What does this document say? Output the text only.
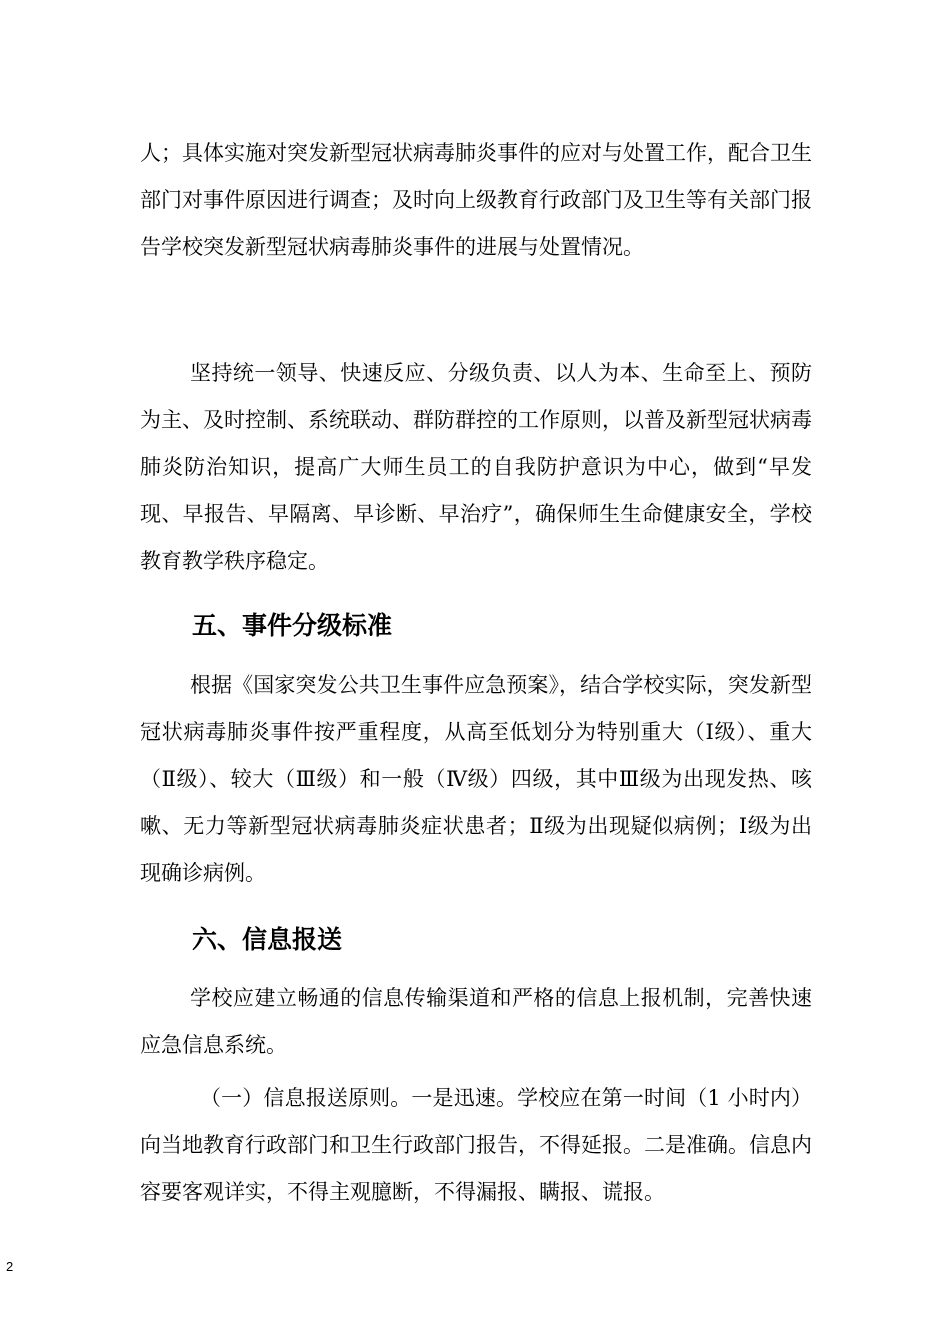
人；具体实施对突发新型冠状病毒肺炎事件的应对与处置工作，配合卫生部门对事件原因进行调查；及时向上级教育行政部门及卫生等有关部门报告学校突发新型冠状病毒肺炎事件的进展与处置情况。

坚持统一领导、快速反应、分级负责、以人为本、生命至上、预防为主、及时控制、系统联动、群防群控的工作原则，以普及新型冠状病毒肺炎防治知识，提高广大师生员工的自我防护意识为中心，做到“早发现、早报告、早隔离、早诊断、早治疗”，确保师生生命健康安全，学校教育教学秩序稳定。

五、事件分级标准

根据《国家突发公共卫生事件应急预案》，结合学校实际，突发新型冠状病毒肺炎事件按严重程度，从高至低划分为特别重大（Ⅰ级）、重大（Ⅱ级）、较大（Ⅲ级）和一般（Ⅳ级）四级，其中Ⅲ级为出现发热、咳嗽、无力等新型冠状病毒肺炎症状患者；Ⅱ级为出现疑似病例；Ⅰ级为出现确诊病例。

六、信息报送

学校应建立畅通的信息传输渠道和严格的信息上报机制，完善快速应急信息系统。

（一）信息报送原则。一是迅速。学校应在第一时间（1 小时内）向当地教育行政部门和卫生行政部门报告，不得延报。二是准确。信息内容要客观详实，不得主观臆断，不得漏报、瞒报、谎报。

2
